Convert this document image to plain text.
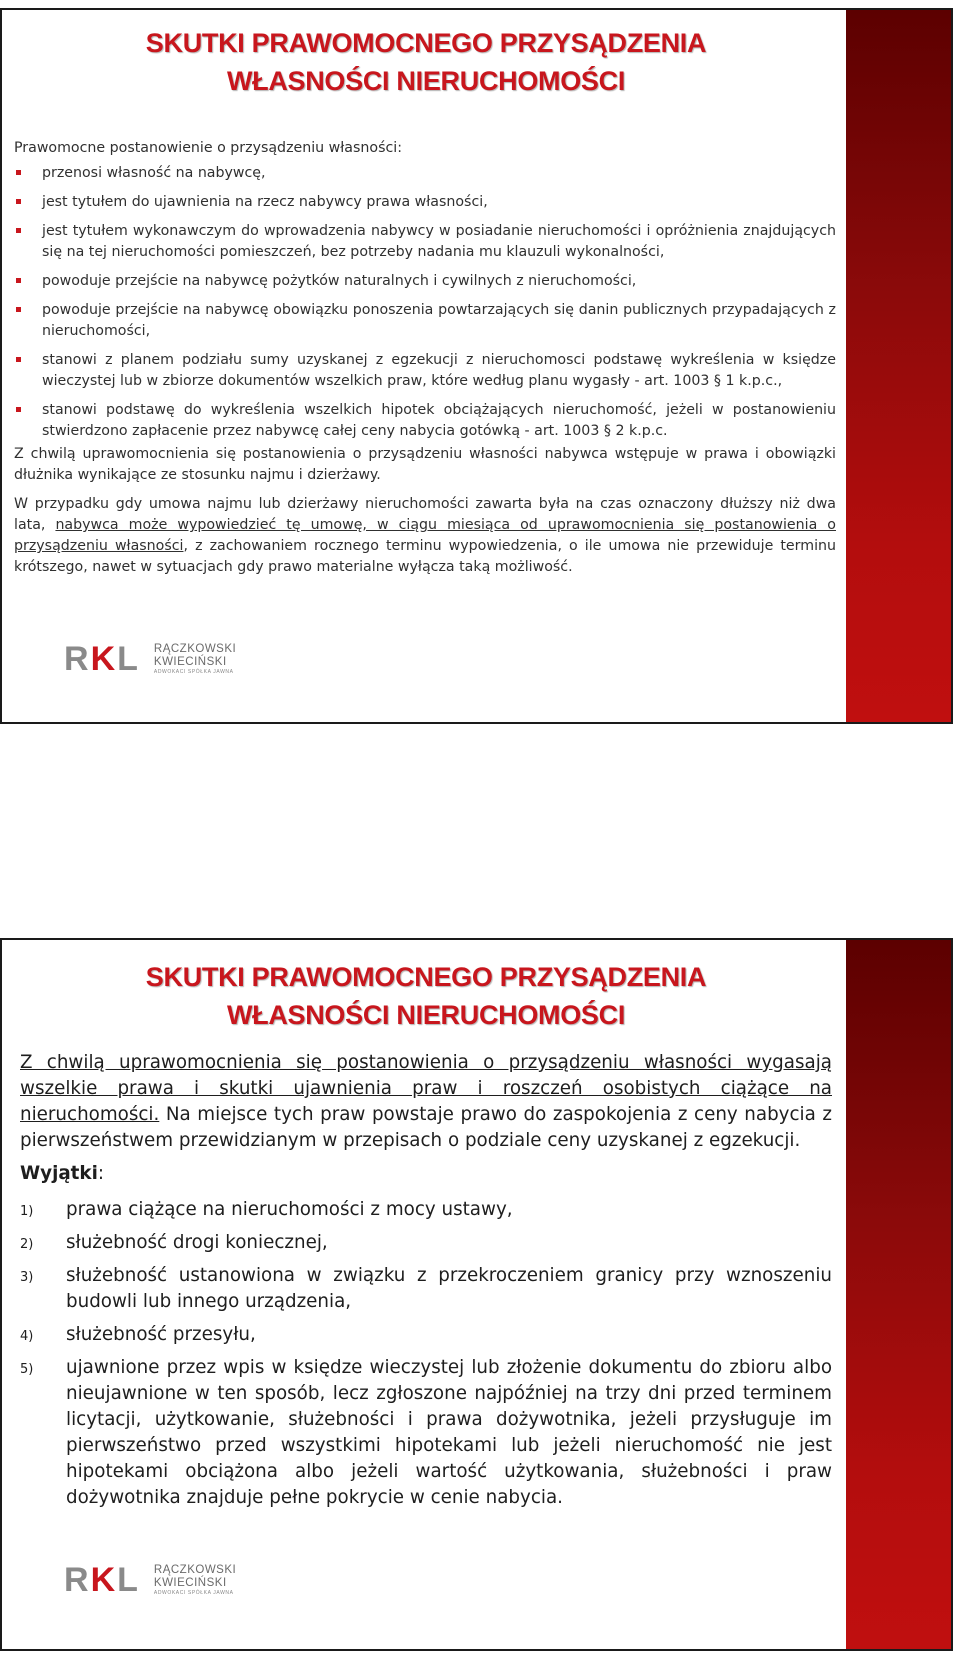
SKUTKI PRAWOMOCNEGO PRZYSĄDZENIA
WŁASNOŚCI NIERUCHOMOŚCI

Prawomocne postanowienie o przysądzeniu własności:

przenosi własność na nabywcę,
jest tytułem do ujawnienia na rzecz nabywcy prawa własności,
jest tytułem wykonawczym do wprowadzenia nabywcy w posiadanie nieruchomości i opróżnienia znajdujących się na tej nieruchomości pomieszczeń, bez potrzeby nadania mu klauzuli wykonalności,
powoduje przejście na nabywcę pożytków naturalnych i cywilnych z nieruchomości,
powoduje przejście na nabywcę obowiązku ponoszenia powtarzających się danin publicznych przypadających z nieruchomości,
stanowi z planem podziału sumy uzyskanej z egzekucji z nieruchomosci podstawę wykreślenia w księdze wieczystej lub w zbiorze dokumentów wszelkich praw, które według planu wygasły - art. 1003 § 1 k.p.c.,
stanowi podstawę do wykreślenia wszelkich hipotek obciążających nieruchomość, jeżeli w postanowieniu stwierdzono zapłacenie przez nabywcę całej ceny nabycia gotówką - art. 1003 § 2 k.p.c.

Z chwilą uprawomocnienia się postanowienia o przysądzeniu własności nabywca wstępuje w prawa i obowiązki dłużnika wynikające ze stosunku najmu i dzierżawy.

W przypadku gdy umowa najmu lub dzierżawy nieruchomości zawarta była na czas oznaczony dłuższy niż dwa lata, nabywca może wypowiedzieć tę umowę, w ciągu miesiąca od uprawomocnienia się postanowienia o przysądzeniu własności, z zachowaniem rocznego terminu wypowiedzenia, o ile umowa nie przewiduje terminu krótszego, nawet w sytuacjach gdy prawo materialne wyłącza taką możliwość.

RKL RĄCZKOWSKI
KWIECIŃSKI
ADWOKACI SPÓŁKA JAWNA
SKUTKI PRAWOMOCNEGO PRZYSĄDZENIA
WŁASNOŚCI NIERUCHOMOŚCI

Z chwilą uprawomocnienia się postanowienia o przysądzeniu własności wygasają wszelkie prawa i skutki ujawnienia praw i roszczeń osobistych ciążące na nieruchomości. Na miejsce tych praw powstaje prawo do zaspokojenia z ceny nabycia z pierwszeństwem przewidzianym w przepisach o podziale ceny uzyskanej z egzekucji.

Wyjątki:

1) prawa ciążące na nieruchomości z mocy ustawy,
2) służebność drogi koniecznej,
3) służebność ustanowiona w związku z przekroczeniem granicy przy wznoszeniu budowli lub innego urządzenia,
4) służebność przesyłu,
5) ujawnione przez wpis w księdze wieczystej lub złożenie dokumentu do zbioru albo nieujawnione w ten sposób, lecz zgłoszone najpóźniej na trzy dni przed terminem licytacji, użytkowanie, służebności i prawa dożywotnika, jeżeli przysługuje im pierwszeństwo przed wszystkimi hipotekami lub jeżeli nieruchomość nie jest hipotekami obciążona albo jeżeli wartość użytkowania, służebności i praw dożywotnika znajduje pełne pokrycie w cenie nabycia.
RKL RĄCZKOWSKI
KWIECIŃSKI
ADWOKACI SPÓŁKA JAWNA
